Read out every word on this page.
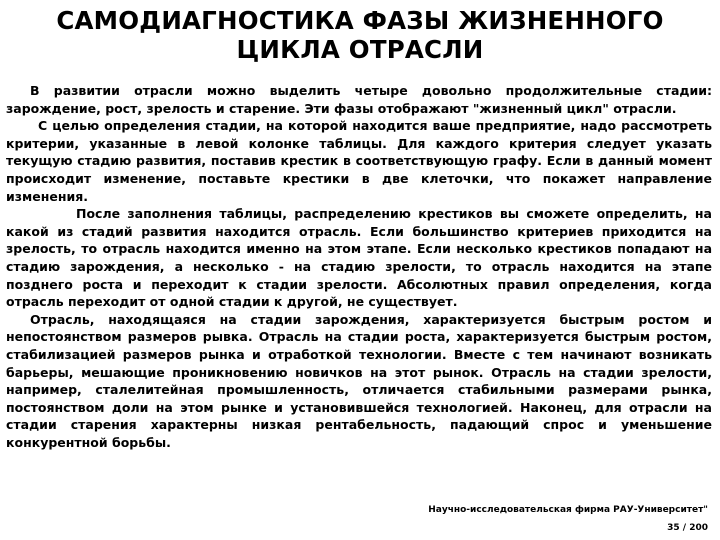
САМОДИАГНОСТИКА ФАЗЫ ЖИЗНЕННОГО
ЦИКЛА ОТРАСЛИ

В развитии отрасли можно выделить четыре довольно продолжительные стадии: зарождение, рост, зрелость и старение. Эти фазы отображают "жизненный цикл" отрасли.

С целью определения стадии, на которой находится ваше предприятие, надо рассмотреть критерии, указанные в левой колонке таблицы. Для каждого критерия следует указать текущую стадию развития, поставив крестик в соответствующую графу. Если в данный момент происходит изменение, поставьте крестики в две клеточки, что покажет направление изменения.

После заполнения таблицы, распределению крестиков вы сможете определить, на какой из стадий развития находится отрасль. Если большинство критериев приходится на зрелость, то отрасль находится именно на этом этапе. Если несколько крестиков попадают на стадию зарождения, а несколько - на стадию зрелости, то отрасль находится на этапе позднего роста и переходит к стадии зрелости. Абсолютных правил определения, когда отрасль переходит от одной стадии к другой, не существует.

Отрасль, находящаяся на стадии зарождения, характеризуется быстрым ростом и непостоянством размеров рывка. Отрасль на стадии роста, характеризуется быстрым ростом, стабилизацией размеров рынка и отработкой технологии. Вместе с тем начинают возникать барьеры, мешающие проникновению новичков на этот рынок. Отрасль на стадии зрелости, например, сталелитейная промышленность, отличается стабильными размерами рынка, постоянством доли на этом рынке и установившейся технологией. Наконец, для отрасли на стадии старения характерны низкая рентабельность, падающий спрос и уменьшение конкурентной борьбы.

Научно-исследовательская фирма РАУ-Университет"
35 / 200
